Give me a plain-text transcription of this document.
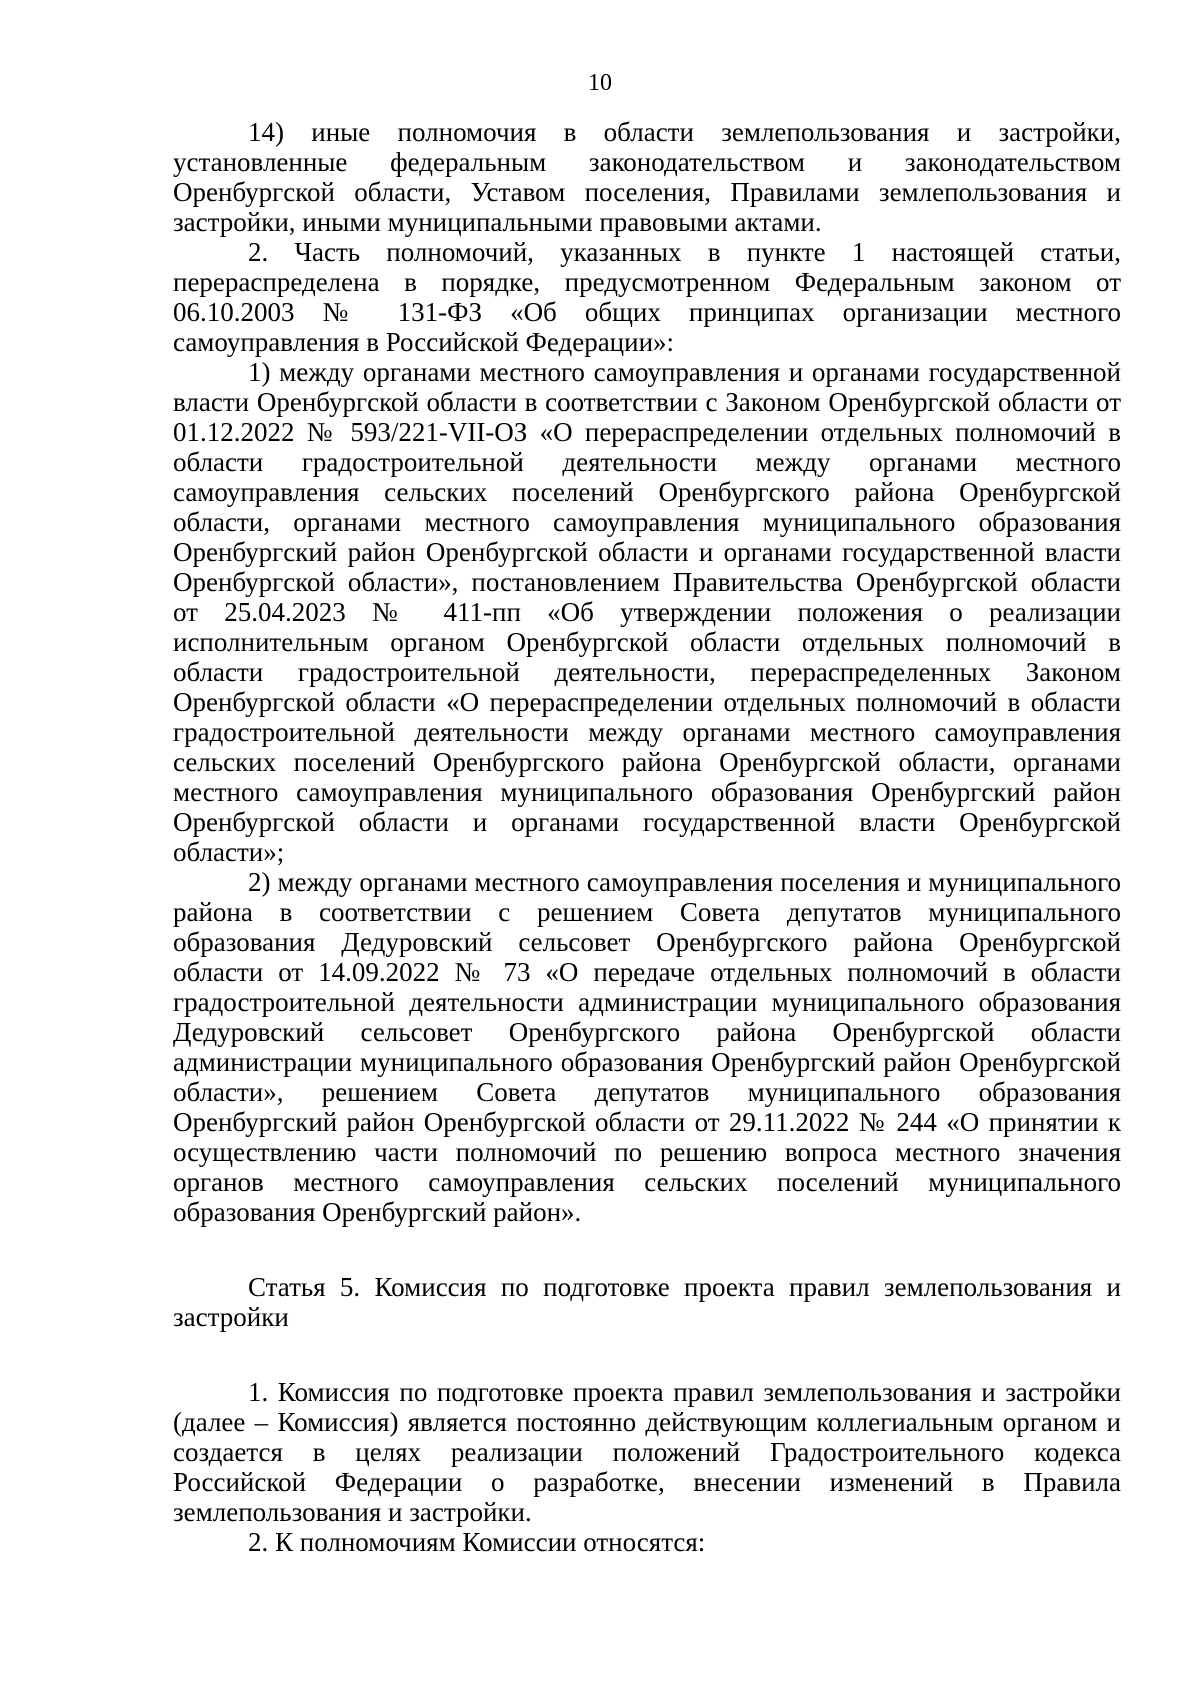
10

14) иные полномочия в области землепользования и застройки, установленные федеральным законодательством и законодательством Оренбургской области, Уставом поселения, Правилами землепользования и застройки, иными муниципальными правовыми актами.

2. Часть полномочий, указанных в пункте 1 настоящей статьи, перераспределена в порядке, предусмотренном Федеральным законом от 06.10.2003 № 131-ФЗ «Об общих принципах организации местного самоуправления в Российской Федерации»:

1) между органами местного самоуправления и органами государственной власти Оренбургской области в соответствии с Законом Оренбургской области от 01.12.2022 № 593/221-VII-ОЗ «О перераспределении отдельных полномочий в области градостроительной деятельности между органами местного самоуправления сельских поселений Оренбургского района Оренбургской области, органами местного самоуправления муниципального образования Оренбургский район Оренбургской области и органами государственной власти Оренбургской области», постановлением Правительства Оренбургской области от 25.04.2023 № 411-пп «Об утверждении положения о реализации исполнительным органом Оренбургской области отдельных полномочий в области градостроительной деятельности, перераспределенных Законом Оренбургской области «О перераспределении отдельных полномочий в области градостроительной деятельности между органами местного самоуправления сельских поселений Оренбургского района Оренбургской области, органами местного самоуправления муниципального образования Оренбургский район Оренбургской области и органами государственной власти Оренбургской области»;

2) между органами местного самоуправления поселения и муниципального района в соответствии с решением Совета депутатов муниципального образования Дедуровский сельсовет Оренбургского района Оренбургской области от 14.09.2022 № 73 «О передаче отдельных полномочий в области градостроительной деятельности администрации муниципального образования Дедуровский сельсовет Оренбургского района Оренбургской области администрации муниципального образования Оренбургский район Оренбургской области», решением Совета депутатов муниципального образования Оренбургский район Оренбургской области от 29.11.2022 № 244 «О принятии к осуществлению части полномочий по решению вопроса местного значения органов местного самоуправления сельских поселений муниципального образования Оренбургский район».

Статья 5. Комиссия по подготовке проекта правил землепользования и застройки

1. Комиссия по подготовке проекта правил землепользования и застройки (далее – Комиссия) является постоянно действующим коллегиальным органом и создается в целях реализации положений Градостроительного кодекса Российской Федерации о разработке, внесении изменений в Правила землепользования и застройки.

2. К полномочиям Комиссии относятся:
